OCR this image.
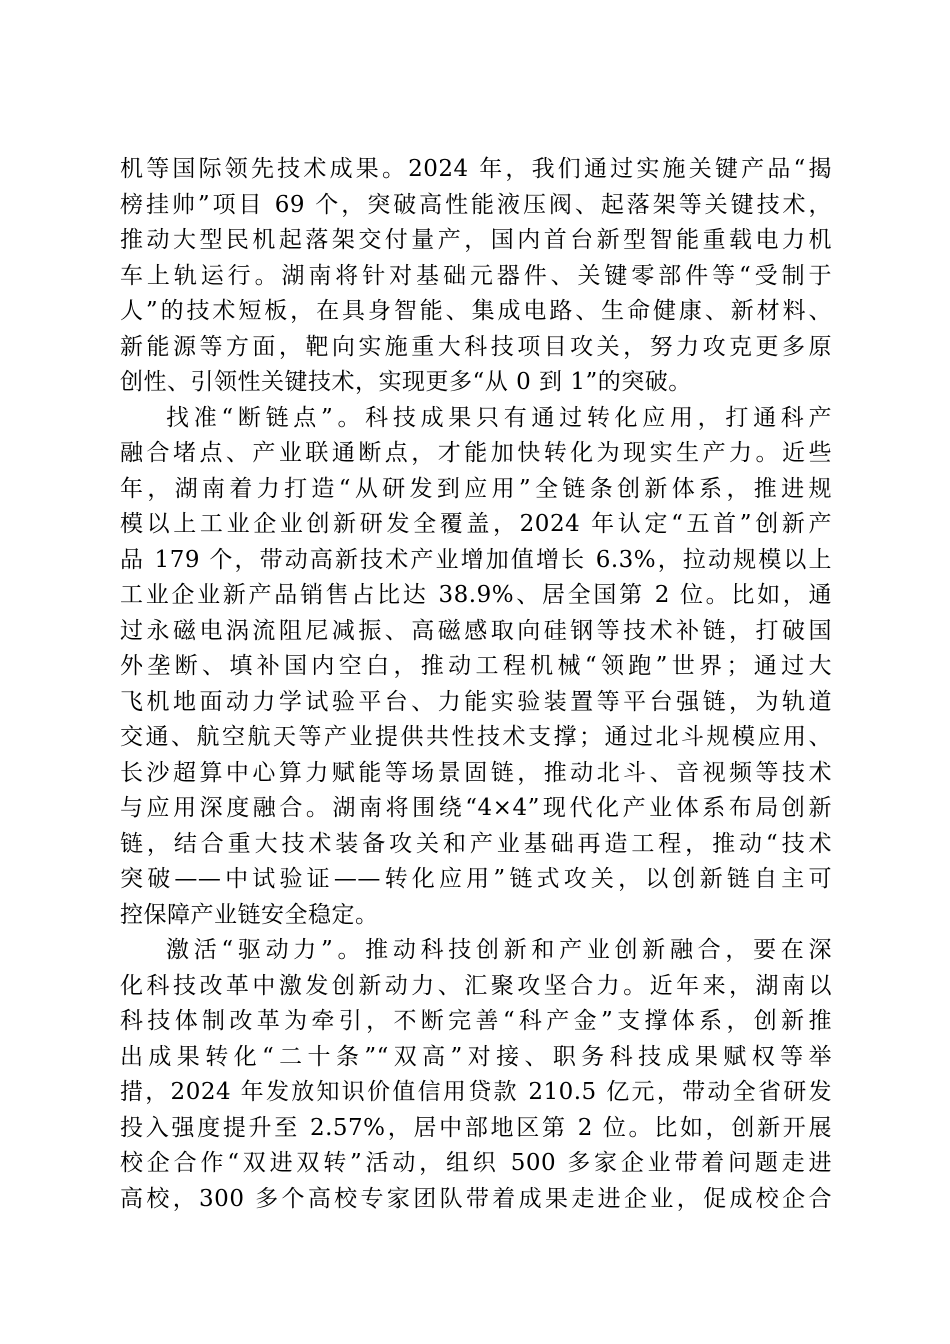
机等国际领先技术成果。2024 年，我们通过实施关键产品“揭
榜挂帅”项目 69 个，突破高性能液压阀、起落架等关键技术，
推动大型民机起落架交付量产，国内首台新型智能重载电力机
车上轨运行。湖南将针对基础元器件、关键零部件等“受制于
人”的技术短板，在具身智能、集成电路、生命健康、新材料、
新能源等方面，靶向实施重大科技项目攻关，努力攻克更多原
创性、引领性关键技术，实现更多“从 0 到 1”的突破。
找准“断链点”。科技成果只有通过转化应用，打通科产
融合堵点、产业联通断点，才能加快转化为现实生产力。近些
年，湖南着力打造“从研发到应用”全链条创新体系，推进规
模以上工业企业创新研发全覆盖，2024 年认定“五首”创新产
品 179 个，带动高新技术产业增加值增长 6.3%，拉动规模以上
工业企业新产品销售占比达 38.9%、居全国第 2 位。比如，通
过永磁电涡流阻尼减振、高磁感取向硅钢等技术补链，打破国
外垄断、填补国内空白，推动工程机械“领跑”世界；通过大
飞机地面动力学试验平台、力能实验装置等平台强链，为轨道
交通、航空航天等产业提供共性技术支撑；通过北斗规模应用、
长沙超算中心算力赋能等场景固链，推动北斗、音视频等技术
与应用深度融合。湖南将围绕“4×4”现代化产业体系布局创新
链，结合重大技术装备攻关和产业基础再造工程，推动“技术
突破——中试验证——转化应用”链式攻关，以创新链自主可
控保障产业链安全稳定。
激活“驱动力”。推动科技创新和产业创新融合，要在深
化科技改革中激发创新动力、汇聚攻坚合力。近年来，湖南以
科技体制改革为牵引，不断完善“科产金”支撑体系，创新推
出成果转化“二十条”“双高”对接、职务科技成果赋权等举
措，2024 年发放知识价值信用贷款 210.5 亿元，带动全省研发
投入强度提升至 2.57%，居中部地区第 2 位。比如，创新开展
校企合作“双进双转”活动，组织 500 多家企业带着问题走进
高校，300 多个高校专家团队带着成果走进企业，促成校企合
